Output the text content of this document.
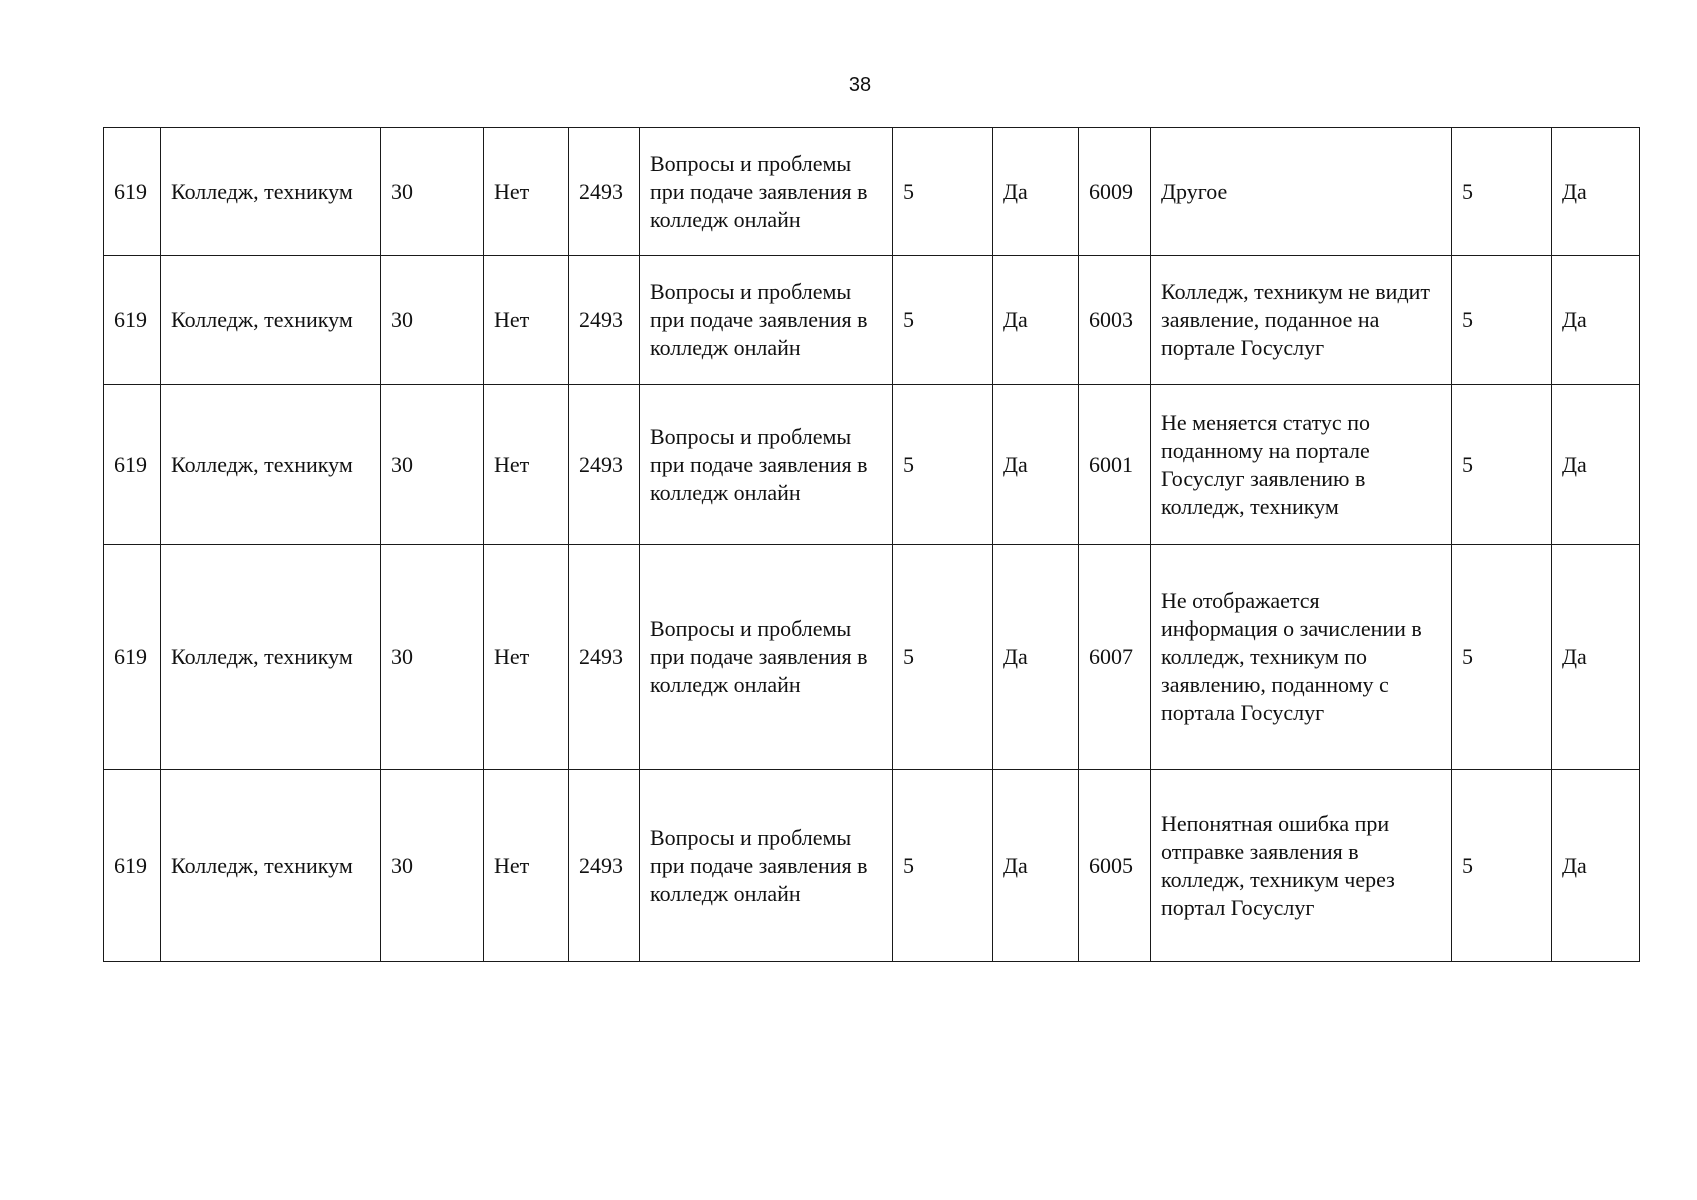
38
619	Колледж, техникум	30	Нет	2493	Вопросы и проблемы при подаче заявления в колледж онлайн	5	Да	6009	Другое	5	Да
619	Колледж, техникум	30	Нет	2493	Вопросы и проблемы при подаче заявления в колледж онлайн	5	Да	6003	Колледж, техникум не видит заявление, поданное на портале Госуслуг	5	Да
619	Колледж, техникум	30	Нет	2493	Вопросы и проблемы при подаче заявления в колледж онлайн	5	Да	6001	Не меняется статус по поданному на портале Госуслуг заявлению в колледж, техникум	5	Да
619	Колледж, техникум	30	Нет	2493	Вопросы и проблемы при подаче заявления в колледж онлайн	5	Да	6007	Не отображается информация о зачислении в колледж, техникум по заявлению, поданному с портала Госуслуг	5	Да
619	Колледж, техникум	30	Нет	2493	Вопросы и проблемы при подаче заявления в колледж онлайн	5	Да	6005	Непонятная ошибка при отправке заявления в колледж, техникум через портал Госуслуг	5	Да
